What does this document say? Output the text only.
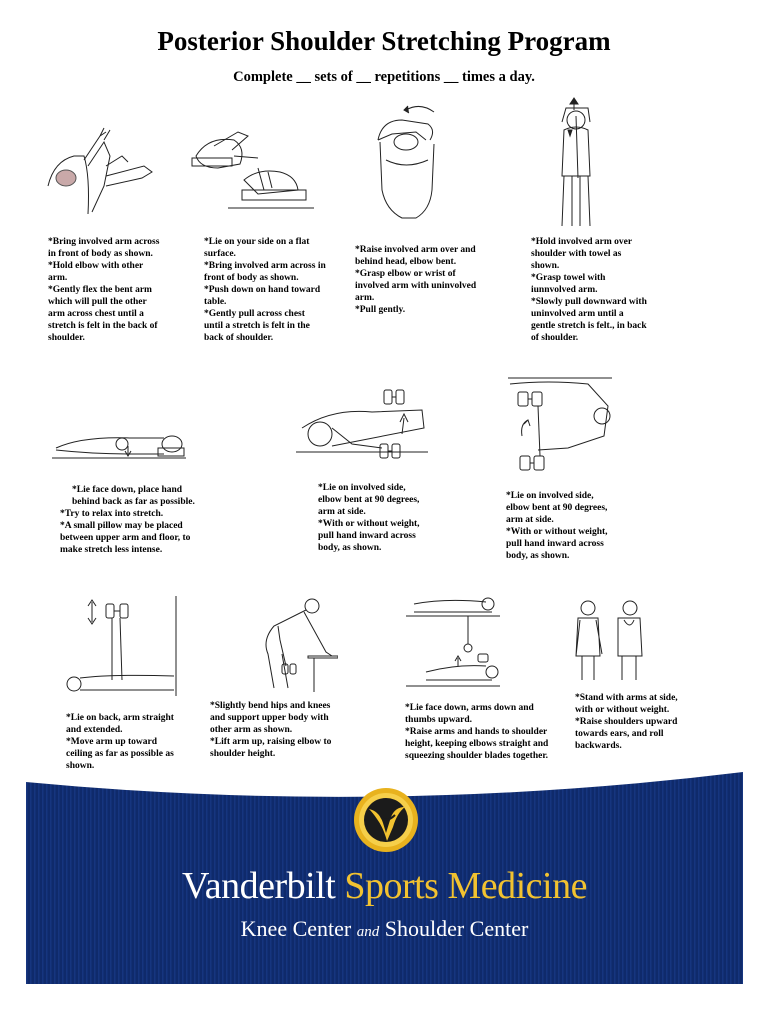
Posterior Shoulder Stretching Program

Complete __ sets of __ repetitions __ times a day.

*Bring involved arm across in front of body as shown.
*Hold elbow with other arm.
*Gently flex the bent arm which will pull the other arm across chest until a stretch is felt in the back of shoulder.
*Lie on your side on a flat surface.
*Bring involved arm across in front of body as shown.
*Push down on hand toward table.
*Gently pull across chest until a stretch is felt in the back of shoulder.
*Raise involved arm over and behind head, elbow bent.
*Grasp elbow or wrist of involved arm with uninvolved arm.
*Pull gently.
*Hold involved arm over shoulder with towel as shown.
*Grasp towel with iunnvolved arm.
*Slowly pull downward with uninvolved arm until a gentle stretch is felt., in back of shoulder.
*Lie face down, place hand behind back as far as possible.
*Try to relax into stretch.
*A small pillow may be placed between upper arm and floor, to make stretch less intense.
*Lie on involved side, elbow bent at 90 degrees, arm at side.
*With or without weight, pull hand inward across body, as shown.
*Lie on involved side, elbow bent at 90 degrees, arm at side.
*With or without weight, pull hand inward across body, as shown.
*Lie on back, arm straight and extended.
*Move arm up toward ceiling as far as possible as shown.
*Slightly bend hips and knees and support upper body with other arm as shown.
*Lift arm up, raising elbow to shoulder height.
*Lie face down, arms down and thumbs upward.
*Raise arms and hands to shoulder height, keeping elbows straight and squeezing shoulder blades together.
*Stand with arms at side, with or without weight.
*Raise shoulders upward towards ears, and roll backwards.
Vanderbilt Sports Medicine
Knee Center and Shoulder Center
